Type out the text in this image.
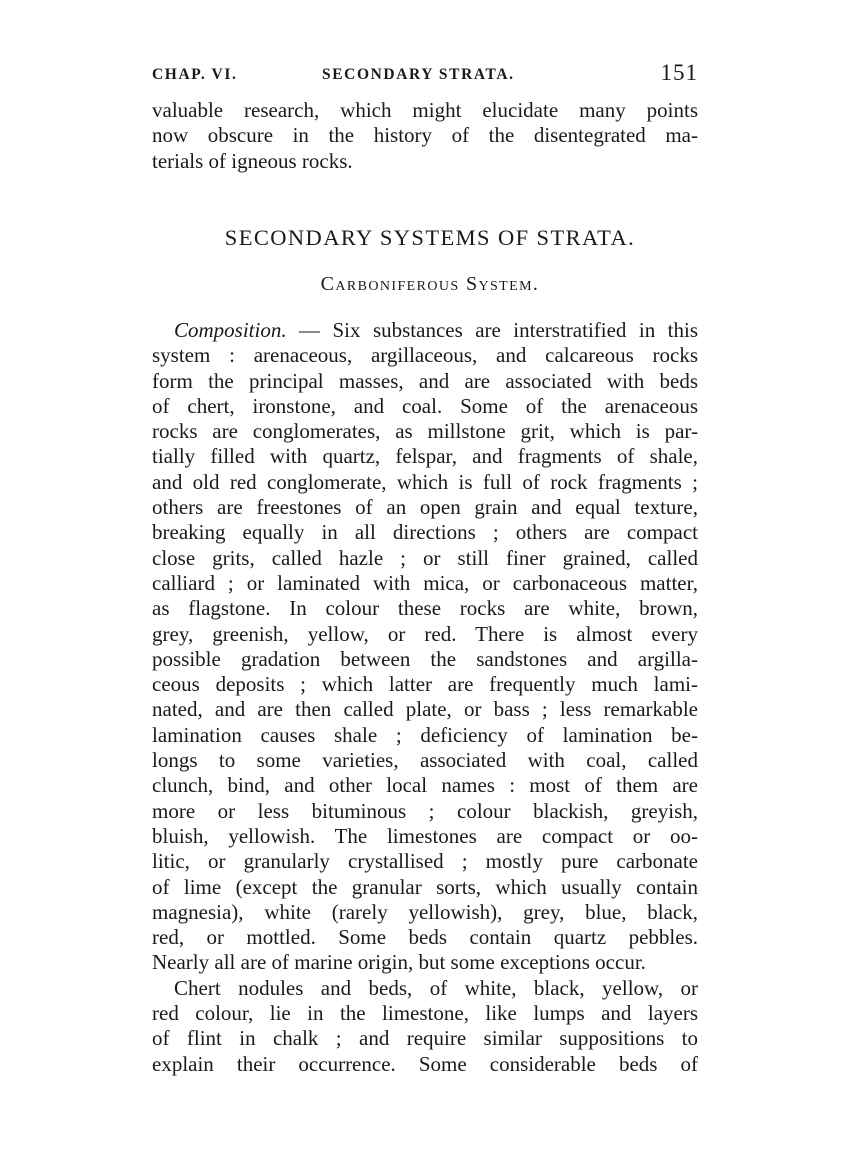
CHAP. VI.	SECONDARY STRATA.	151
valuable research, which might elucidate many points
now obscure in the history of the disentegrated ma-
terials of igneous rocks.
SECONDARY SYSTEMS OF STRATA.
Carboniferous System.
Composition. — Six substances are interstratified in this
system : arenaceous, argillaceous, and calcareous rocks
form the principal masses, and are associated with beds
of chert, ironstone, and coal. Some of the arenaceous
rocks are conglomerates, as millstone grit, which is par-
tially filled with quartz, felspar, and fragments of shale,
and old red conglomerate, which is full of rock fragments ;
others are freestones of an open grain and equal texture,
breaking equally in all directions ; others are compact
close grits, called hazle ; or still finer grained, called
calliard ; or laminated with mica, or carbonaceous matter,
as flagstone. In colour these rocks are white, brown,
grey, greenish, yellow, or red. There is almost every
possible gradation between the sandstones and argilla-
ceous deposits ; which latter are frequently much lami-
nated, and are then called plate, or bass ; less remarkable
lamination causes shale ; deficiency of lamination be-
longs to some varieties, associated with coal, called
clunch, bind, and other local names : most of them are
more or less bituminous ; colour blackish, greyish,
bluish, yellowish. The limestones are compact or oo-
litic, or granularly crystallised ; mostly pure carbonate
of lime (except the granular sorts, which usually contain
magnesia), white (rarely yellowish), grey, blue, black,
red, or mottled. Some beds contain quartz pebbles.
Nearly all are of marine origin, but some exceptions occur.
Chert nodules and beds, of white, black, yellow, or
red colour, lie in the limestone, like lumps and layers
of flint in chalk ; and require similar suppositions to
explain their occurrence. Some considerable beds of
